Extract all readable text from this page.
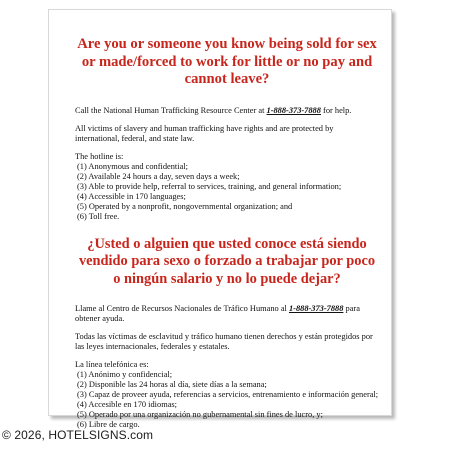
Are you or someone you know being sold for sex or made/forced to work for little or no pay and cannot leave?

Call the National Human Trafficking Resource Center at 1-888-373-7888 for help.

All victims of slavery and human trafficking have rights and are protected by international, federal, and state law.

The hotline is:

(1) Anonymous and confidential;
(2) Available 24 hours a day, seven days a week;
(3) Able to provide help, referral to services, training, and general information;
(4) Accessible in 170 languages;
(5) Operated by a nonprofit, nongovernmental organization; and
(6) Toll free.
¿Usted o alguien que usted conoce está siendo vendido para sexo o forzado a trabajar por poco o ningún salario y no lo puede dejar?

Llame al Centro de Recursos Nacionales de Tráfico Humano al 1-888-373-7888 para obtener ayuda.

Todas las víctimas de esclavitud y tráfico humano tienen derechos y están protegidos por las leyes internacionales, federales y estatales.

La línea telefónica es:

(1) Anónimo y confidencial;
(2) Disponible las 24 horas al día, siete días a la semana;
(3) Capaz de proveer ayuda, referencias a servicios, entrenamiento e información general;
(4) Accesible en 170 idiomas;
(5) Operado por una organización no gubernamental sin fines de lucro, y;
(6) Libre de cargo.
© 2026, HOTELSIGNS.com
